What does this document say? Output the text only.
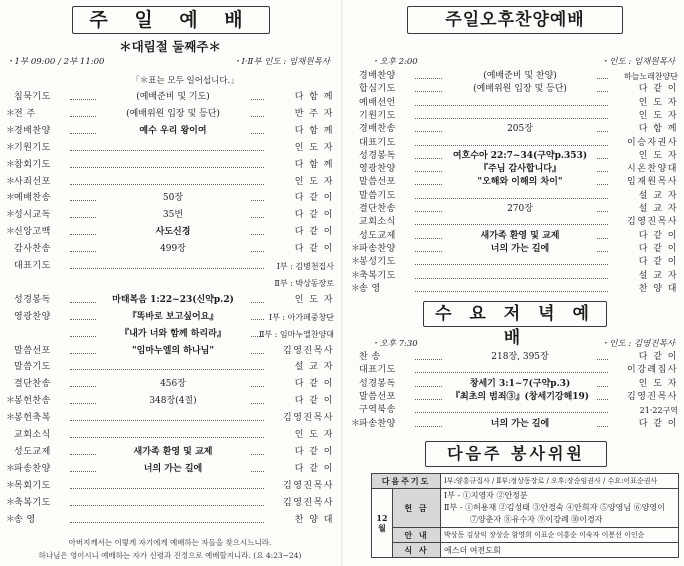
주 일 예 배
＊대림절 둘째주＊
・1부 09:00 / 2부 11:00	・Ⅰ·Ⅱ부 인도 : 임재원목사
「＊표는 모두 일어섭니다.」
침묵기도	(예배준비 및 기도)	다 함 께
＊
전 주	(예배위원 입장 및 등단)	반 주 자
＊
경배찬양	예수 우리 왕이여	다 함 께
＊
기원기도	인 도 자
＊
참회기도	다 함 께
＊
사죄선포	인 도 자
＊
예배찬송	50장	다 같 이
＊
성시교독	35번	다 같 이
＊
신앙고백	사도신경	다 같 이
감사찬송	499장	다 같 이
대표기도	Ⅰ부 : 김병천집사
Ⅱ부 : 박상동장로
성경봉독	마태복음 1:22~23(신약p.2)	인 도 자
영광찬양	『똑바로 보고싶어요』	Ⅰ부 : 아가페중창단
『내가 너와 함께 하리라』	Ⅱ부 : 임마누엘찬양대
말씀선포	"임마누엘의 하나님"	김영진목사
말씀기도	설 교 자
결단찬송	456장	다 같 이
＊
봉헌찬송	348장(4절)	다 같 이
＊
봉헌축복	김영진목사
교회소식	인 도 자
성도교제	새가족 환영 및 교제	다 같 이
＊
파송찬양	너의 가는 길에	다 같 이
＊
목회기도	김영진목사
＊
축복기도	김영진목사
＊
송 영	찬 양 대
아버지께서는 이렇게 자기에게 예배하는 자들을 찾으시느니라.
하나님은 영이시니 예배하는 자가 신령과 진정으로 예배할지니라. (요 4:23~24)
주일오후찬양예배
・오후 2:00	・인도 : 임재원목사
경배찬양	(예배준비 및 찬양)	하늘노래찬양단
합심기도	(예배위원 입장 및 등단)	다 같 이
예배선언	인 도 자
기원기도	인 도 자
경배찬송	205장	다 함 께
대표기도	이승자권사
성경봉독	여호수아 22:7~34(구약p.353)	인 도 자
영광찬양	『주님 감사합니다』	시온찬양대
말씀선포	"오해와 이해의 차이"	임재원목사
말씀기도	설 교 자
결단찬송	270장	설 교 자
교회소식	김영진목사
성도교제	새가족 환영 및 교제	다 같 이
＊
파송찬양	너의 가는 길에	다 같 이
＊
봉성기도	다 같 이
＊
축복기도	설 교 자
＊
송 영	찬 양 대
수 요 저 녁 예 배
・오후 7:30	・인도 : 김영진목사
찬 송	218장, 395장	다 같 이
대표기도	이강례집사
성경봉독	창세기 3:1~7(구약p.3)	인 도 자
말씀선포	『최초의 범죄③』(창세기강해19)	김영진목사
구역북송	21·22구역
＊
파송찬양	너의 가는 길에	다 같 이
다음주 봉사위원
다음주기도		Ⅰ부:양흥규집사 / Ⅱ부:정상동장로 / 오후:장순임권사 / 수요:이표순권사
12월	헌 금	Ⅰ부 - ①지영자 ②안정분
Ⅱ부 - ①허용재 ②김성태 ③안경숙 ④안희자 ⑤양영님 ⑥양영이
⑦양춘자 ⑧유수자 ⑨이강례 ⑩이경자

	안 내	박상동 김상익 장상순 함영희 이표순 이흥순 이숙자 이봉선 이인순
	식 사	에스더 여전도회
